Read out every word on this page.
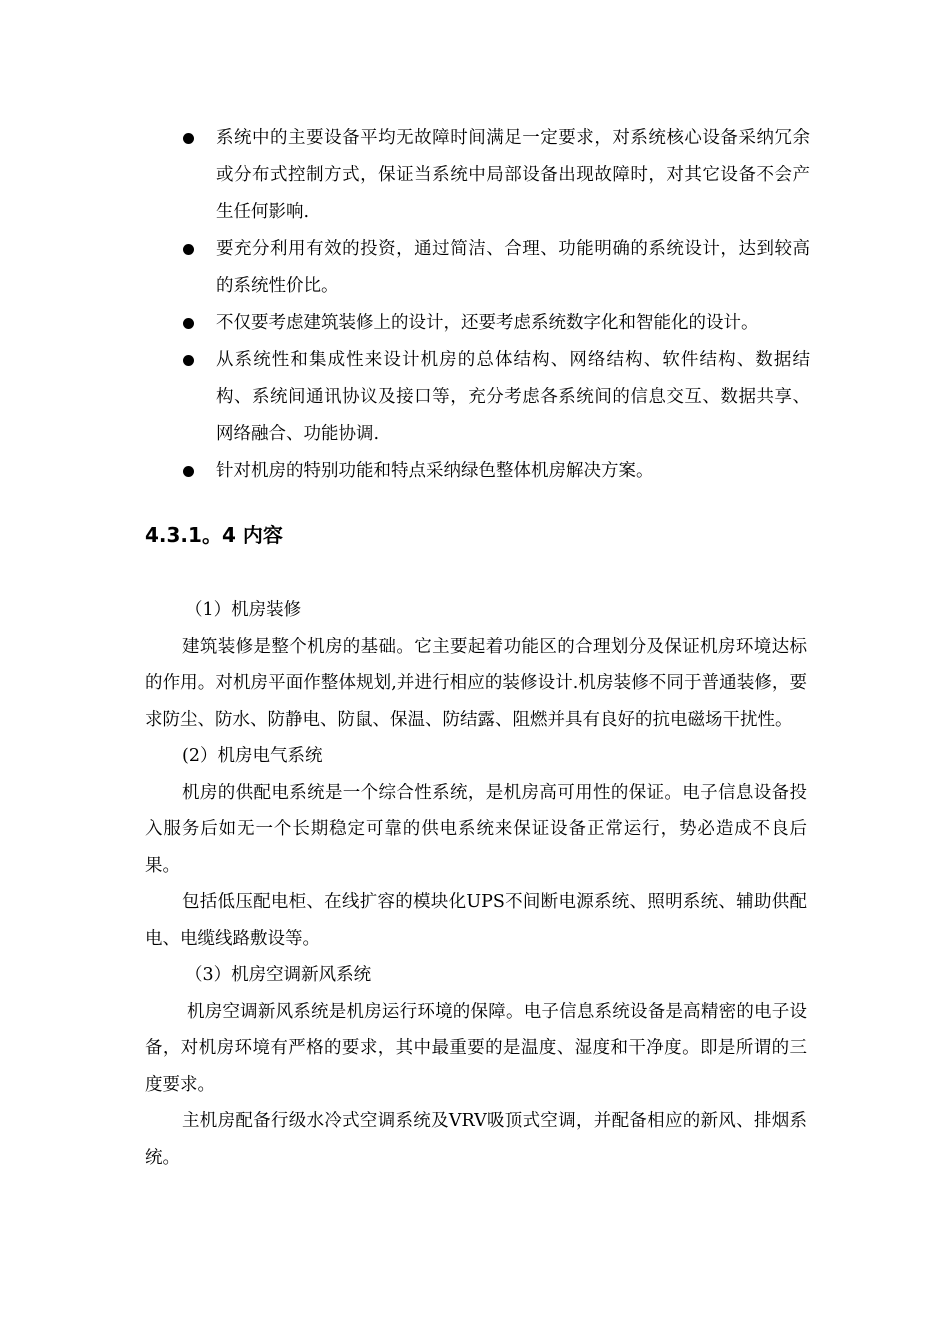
系统中的主要设备平均无故障时间满足一定要求，对系统核心设备采纳冗余或分布式控制方式，保证当系统中局部设备出现故障时，对其它设备不会产生任何影响.
要充分利用有效的投资，通过简洁、合理、功能明确的系统设计，达到较高的系统性价比。
不仅要考虑建筑装修上的设计，还要考虑系统数字化和智能化的设计。
从系统性和集成性来设计机房的总体结构、网络结构、软件结构、数据结构、系统间通讯协议及接口等，充分考虑各系统间的信息交互、数据共享、网络融合、功能协调.
针对机房的特别功能和特点采纳绿色整体机房解决方案。
4.3.1。4 内容

（1）机房装修

建筑装修是整个机房的基础。它主要起着功能区的合理划分及保证机房环境达标的作用。对机房平面作整体规划,并进行相应的装修设计.机房装修不同于普通装修，要求防尘、防水、防静电、防鼠、保温、防结露、阻燃并具有良好的抗电磁场干扰性。

(2）机房电气系统

机房的供配电系统是一个综合性系统，是机房高可用性的保证。电子信息设备投入服务后如无一个长期稳定可靠的供电系统来保证设备正常运行，势必造成不良后果。

包括低压配电柜、在线扩容的模块化UPS不间断电源系统、照明系统、辅助供配电、电缆线路敷设等。

（3）机房空调新风系统

机房空调新风系统是机房运行环境的保障。电子信息系统设备是高精密的电子设备，对机房环境有严格的要求，其中最重要的是温度、湿度和干净度。即是所谓的三度要求。

主机房配备行级水冷式空调系统及VRV吸顶式空调，并配备相应的新风、排烟系统。
